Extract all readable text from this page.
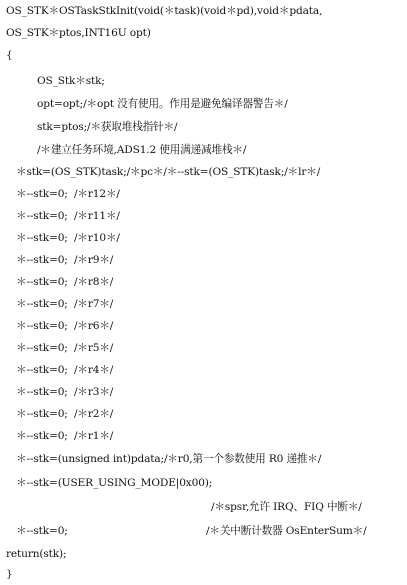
OS_STK＊OSTaskStkInit(void(＊task)(void＊pd),void＊pdata,
OS_STK＊ptos,INT16U opt)
{
OS_Stk＊stk;
opt=opt;/＊opt 没有使用。作用是避免编译器警告＊/
stk=ptos;/＊获取堆栈指针＊/
/＊建立任务环境,ADS1.2 使用满递减堆栈＊/
＊stk=(OS_STK)task;/＊pc＊/＊--stk=(OS_STK)task;/＊lr＊/
＊--stk=0; /＊r12＊/
＊--stk=0; /＊r11＊/
＊--stk=0; /＊r10＊/
＊--stk=0; /＊r9＊/
＊--stk=0; /＊r8＊/
＊--stk=0; /＊r7＊/
＊--stk=0; /＊r6＊/
＊--stk=0; /＊r5＊/
＊--stk=0; /＊r4＊/
＊--stk=0; /＊r3＊/
＊--stk=0; /＊r2＊/
＊--stk=0; /＊r1＊/
＊--stk=(unsigned int)pdata;/＊r0,第一个参数使用 R0 递推＊/
＊--stk=(USER_USING_MODE|0x00);
/＊spsr,允许 IRQ、FIQ 中断＊/
＊--stk=0;	/＊关中断计数器 OsEnterSum＊/
return(stk);
}
